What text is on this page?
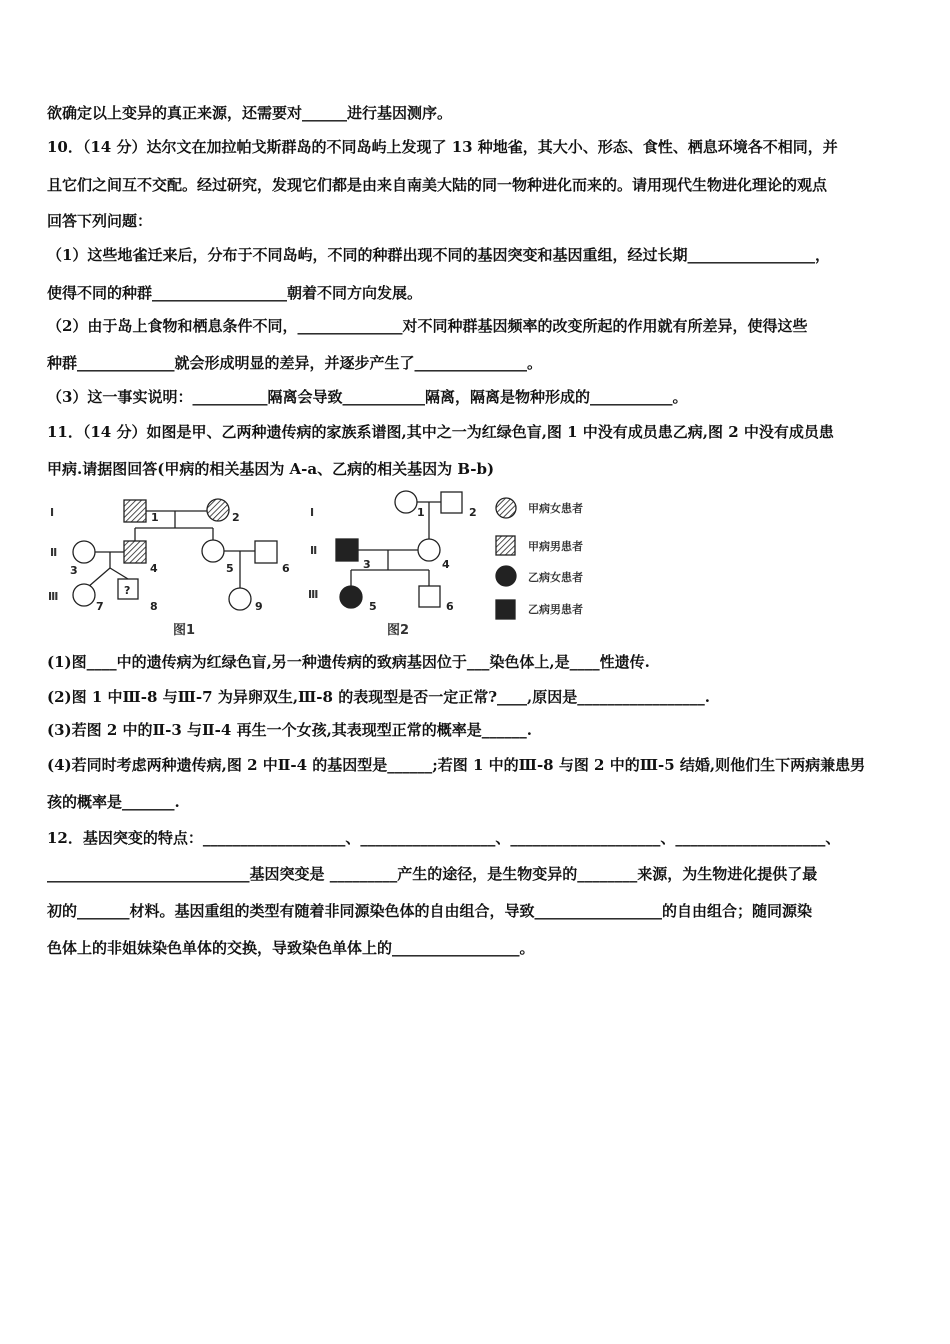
欲确定以上变异的真正来源，还需要对______进行基因测序。
10．（14 分）达尔文在加拉帕戈斯群岛的不同岛屿上发现了 13 种地雀，其大小、形态、食性、栖息环境各不相同，并
且它们之间互不交配。经过研究，发现它们都是由来自南美大陆的同一物种进化而来的。请用现代生物进化理论的观点
回答下列问题：
（1）这些地雀迁来后，分布于不同岛屿，不同的种群出现不同的基因突变和基因重组，经过长期_________________，
使得不同的种群__________________朝着不同方向发展。
（2）由于岛上食物和栖息条件不同，______________对不同种群基因频率的改变所起的作用就有所差异，使得这些
种群_____________就会形成明显的差异，并逐步产生了_______________。
（3）这一事实说明：__________隔离会导致___________隔离，隔离是物种形成的___________。
11．（14 分）如图是甲、乙两种遗传病的家族系谱图,其中之一为红绿色盲,图 1 中没有成员患乙病,图 2 中没有成员患
甲病.请据图回答(甲病的相关基因为 A-a、乙病的相关基因为 B-b)
Ⅰ
Ⅱ
Ⅲ
1	2
3	4	5	6
7
?
8	9
图1
Ⅰ
Ⅱ
Ⅲ
1	2
3	4
5	6
图2
甲病女患者
甲病男患者
乙病女患者
乙病男患者
(1)图____中的遗传病为红绿色盲,另一种遗传病的致病基因位于___染色体上,是____性遗传.
(2)图 1 中Ⅲ-8 与Ⅲ-7 为异卵双生,Ⅲ-8 的表现型是否一定正常?____,原因是_________________.
(3)若图 2 中的Ⅱ-3 与Ⅱ-4 再生一个女孩,其表现型正常的概率是______.
(4)若同时考虑两种遗传病,图 2 中Ⅱ-4 的基因型是______;若图 1 中的Ⅲ-8 与图 2 中的Ⅲ-5 结婚,则他们生下两病兼患男
孩的概率是_______.
12．基因突变的特点：___________________、__________________、____________________、____________________、
___________________________基因突变是 _________产生的途径，是生物变异的________来源，为生物进化提供了最
初的_______材料。基因重组的类型有随着非同源染色体的自由组合，导致_________________的自由组合；随同源染
色体上的非姐妹染色单体的交换，导致染色单体上的_________________。
